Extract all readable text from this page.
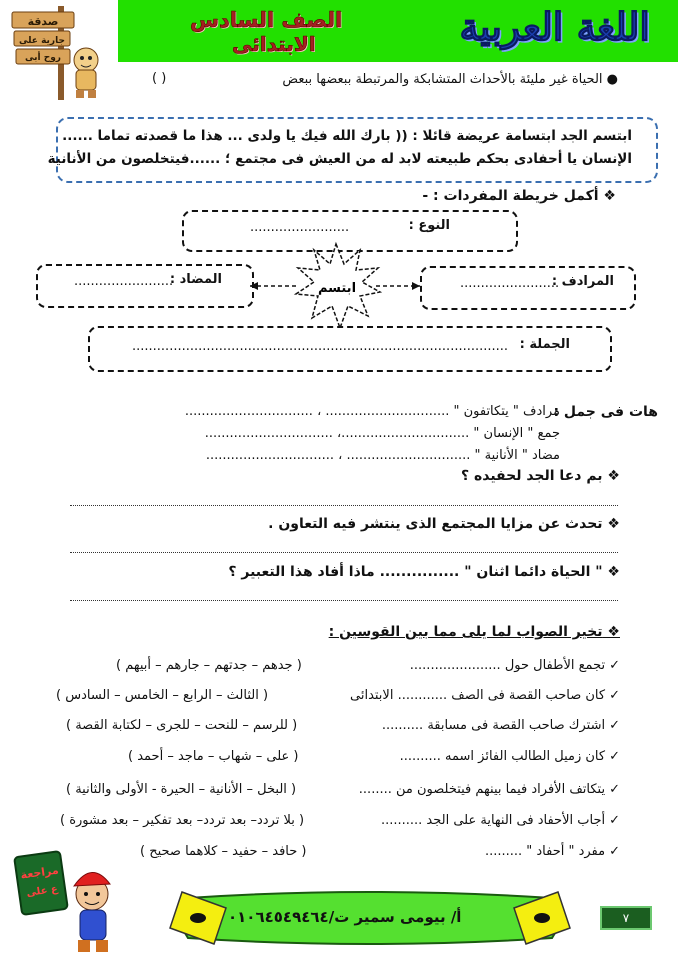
اللغة العربية
الصف السادس
الابتدائى
صدقة
جارية على
روح أبى
● الحياة غير مليئة بالأحداث المتشابكة والمرتبطة ببعضها ببعض
( )
ابتسم الجد ابتسامة عريضة قائلا : (( بارك الله فيك يا ولدى ... هذا ما قصدته تماما ......
الإنسان يا أحفادى بحكم طبيعته لابد له من العيش فى مجتمع ؛ ......فيتخلصون من الأنانية
❖ أكمل خريطة المفردات : -
النوع :
........................
المرادف :
........................
المضاد :
........................	ابتسم
الجملة :
...........................................................................................
هات فى جمل :
مرادف " يتكاتفون " .............................. ، ...............................
جمع " الإنسان " ...............................، ...............................
مضاد " الأنانية " .............................. ، ...............................
❖ بم دعا الجد لحفيده ؟
❖ تحدث عن مزايا المجتمع الذى ينتشر فيه التعاون .
❖ " الحياة دائما اثنان " ............... ماذا أفاد هذا التعبير ؟
❖ تخير الصواب لما يلى مما بين القوسين :
✓تجمع الأطفال حول ......................
( جدهم – جدتهم – جارهم – أبيهم )
✓كان صاحب القصة فى الصف ............ الابتدائى
( الثالث – الرابع – الخامس – السادس )
✓اشترك صاحب القصة فى مسابقة ..........
( للرسم – للنحت – للجرى – لكتابة القصة )
✓كان زميل الطالب الفائز اسمه ..........
( على – شهاب – ماجد – أحمد )
✓يتكاتف الأفراد فيما بينهم فيتخلصون من ........
( البخل – الأنانية – الحيرة - الأولى والثانية )
✓أجاب الأحفاد فى النهاية على الجد ..........
( بلا تردد– بعد تردد– بعد تفكير – بعد مشورة )
✓مفرد " أحفاد " .........
( حافد – حفيد – كلاهما صحيح )
مراجعة
ع على
أ/ بيومى سمير ت/٠١٠٦٤٥٤٩٤٦٤	٧
